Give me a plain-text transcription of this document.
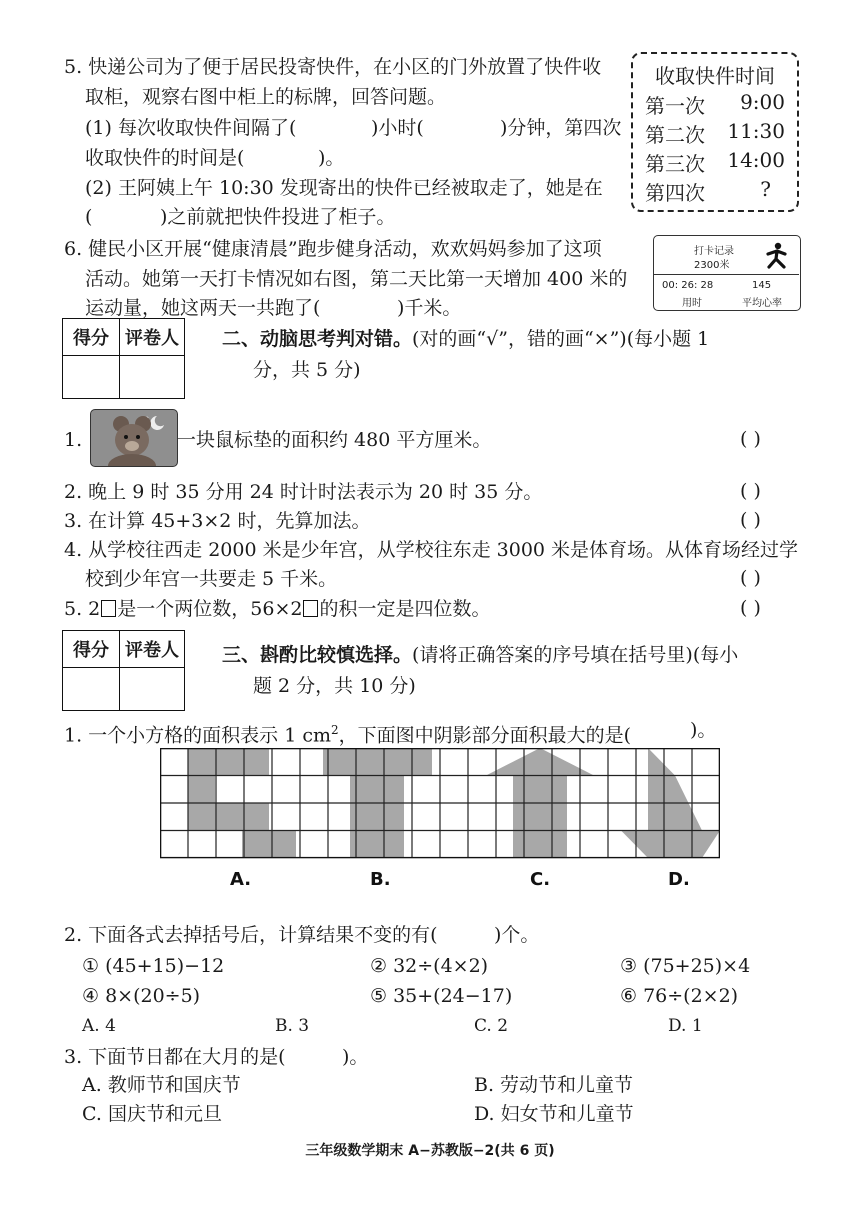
5. 快递公司为了便于居民投寄快件，在小区的门外放置了快件收
取柜，观察右图中柜上的标牌，回答问题。
(1) 每次收取快件间隔了(	)小时(	)分钟，第四次
收取快件的时间是(	)。
(2) 王阿姨上午 10:30 发现寄出的快件已经被取走了，她是在
(	)之前就把快件投进了柜子。
收取快件时间
第一次 9:00
第二次 11:30
第三次 14:00
第四次	?
6. 健民小区开展“健康清晨”跑步健身活动，欢欢妈妈参加了这项
活动。她第一天打卡情况如右图，第二天比第一天增加 400 米的
运动量，她这两天一共跑了(	)千米。
打卡记录
2300米
00: 26: 28
用时
145
平均心率
得分	评卷人
	二、动脑思考判对错。(对的画“√”，错的画“×”)(每小题 1
分，共 5 分)
1.	一块鼠标垫的面积约 480 平方厘米。	( )
2. 晚上 9 时 35 分用 24 时计时法表示为 20 时 35 分。	( )
3. 在计算 45+3×2 时，先算加法。	( )
4. 从学校往西走 2000 米是少年宫，从学校往东走 3000 米是体育场。从体育场经过学
校到少年宫一共要走 5 千米。	( )
5. 2 是一个两位数，56×2 的积一定是四位数。	( )
得分	评卷人
	三、斟酌比较慎选择。(请将正确答案的序号填在括号里)(每小
题 2 分，共 10 分)
1. 一个小方格的面积表示 1 $cm^2$，下面图中阴影部分面积最大的是(	)。
A.	B.	C.	D.
2. 下面各式去掉括号后，计算结果不变的有(	)个。
① (45+15)−12	② 32÷(4×2)	③ (75+25)×4
④ 8×(20÷5)	⑤ 35+(24−17)	⑥ 76÷(2×2)
A. 4	B. 3	C. 2	D. 1
3. 下面节日都在大月的是(	)。
A. 教师节和国庆节	B. 劳动节和儿童节
C. 国庆节和元旦	D. 妇女节和儿童节
三年级数学期末 A−苏教版−2(共 6 页)
